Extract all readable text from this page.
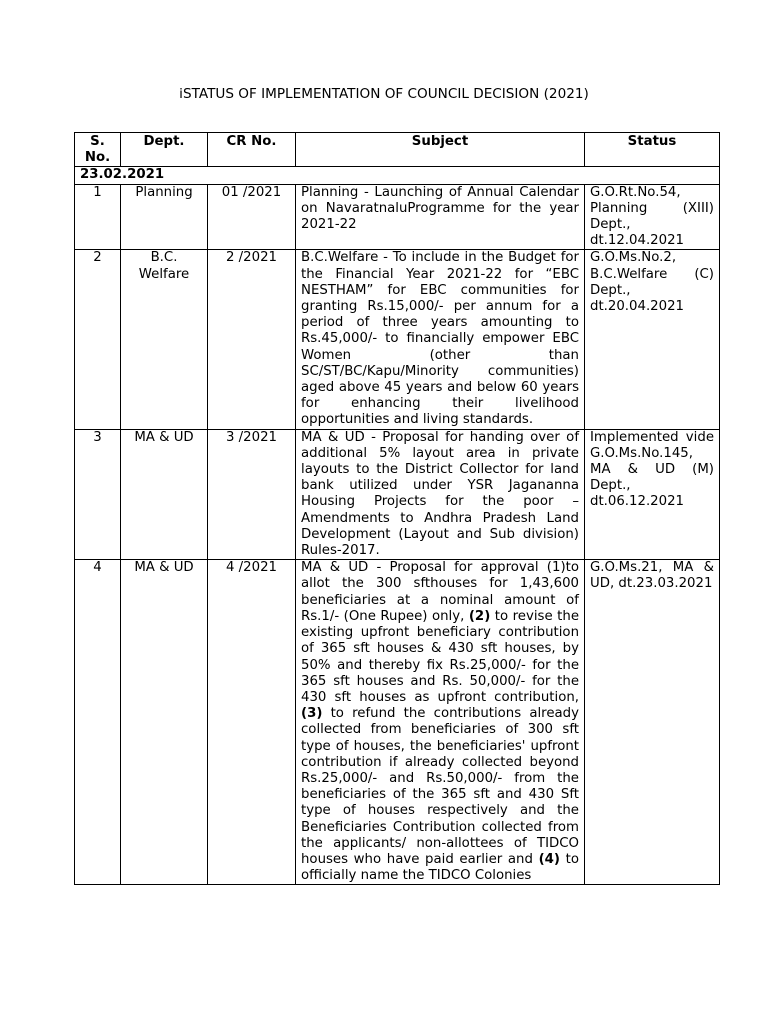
iSTATUS OF IMPLEMENTATION OF COUNCIL DECISION (2021)
S. No.	Dept.	CR No.	Subject	Status
23.02.2021				
1	Planning	01 /2021	Planning - Launching of Annual Calendar on NavaratnaluProgramme for the year 2021-22	G.O.Rt.No.54, Planning (XIII) Dept., dt.12.04.2021
2	B.C. Welfare	2 /2021	B.C.Welfare - To include in the Budget for the Financial Year 2021-22 for “EBC NESTHAM” for EBC communities for granting Rs.15,000/- per annum for a period of three years amounting to Rs.45,000/- to financially empower EBC Women (other than SC/ST/BC/Kapu/Minority communities) aged above 45 years and below 60 years for enhancing their livelihood opportunities and living standards.	G.O.Ms.No.2, B.C.Welfare (C) Dept., dt.20.04.2021
3	MA & UD	3 /2021	MA & UD - Proposal for handing over of additional 5% layout area in private layouts to the District Collector for land bank utilized under YSR Jagananna Housing Projects for the poor – Amendments to Andhra Pradesh Land Development (Layout and Sub division) Rules-2017.	Implemented vide G.O.Ms.No.145, MA & UD (M) Dept., dt.06.12.2021
4	MA & UD	4 /2021	MA & UD - Proposal for approval (1)to allot the 300 sfthouses for 1,43,600 beneficiaries at a nominal amount of Rs.1/- (One Rupee) only, (2) to revise the existing upfront beneficiary contribution of 365 sft houses & 430 sft houses, by 50% and thereby fix Rs.25,000/- for the 365 sft houses and Rs. 50,000/- for the 430 sft houses as upfront contribution, (3) to refund the contributions already collected from beneficiaries of 300 sft type of houses, the beneficiaries' upfront contribution if already collected beyond Rs.25,000/- and Rs.50,000/- from the beneficiaries of the 365 sft and 430 Sft type of houses respectively and the Beneficiaries Contribution collected from the applicants/ non-allottees of TIDCO houses who have paid earlier and (4) to officially name the TIDCO Colonies	G.O.Ms.21, MA & UD, dt.23.03.2021
